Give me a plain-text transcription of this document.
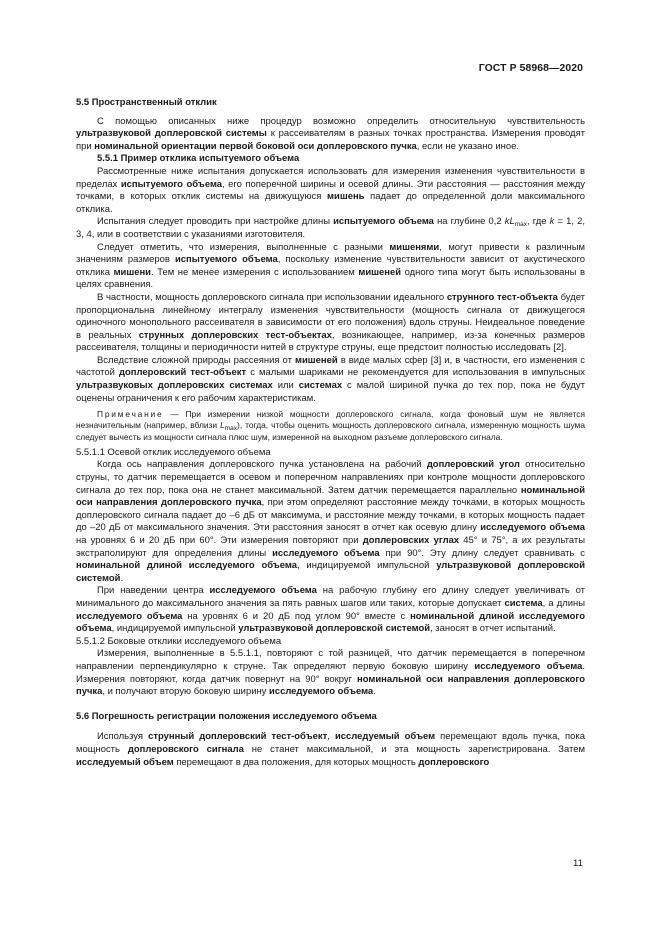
ГОСТ Р 58968—2020

5.5 Пространственный отклик

С помощью описанных ниже процедур возможно определить относительную чувствительность ультразвуковой доплеровской системы к рассеивателям в разных точках пространства. Измерения проводят при номинальной ориентации первой боковой оси доплеровского пучка, если не указано иное.

5.5.1 Пример отклика испытуемого объема

Рассмотренные ниже испытания допускается использовать для измерения изменения чувствительности в пределах испытуемого объема, его поперечной ширины и осевой длины. Эти расстояния — расстояния между точками, в которых отклик системы на движущуюся мишень падает до определенной доли максимального отклика.

Испытания следует проводить при настройке длины испытуемого объема на глубине 0,2 $kL_{max}$, где k = 1, 2, 3, 4, или в соответствии с указаниями изготовителя.

Следует отметить, что измерения, выполненные с разными мишенями, могут привести к различным значениям размеров испытуемого объема, поскольку изменение чувствительности зависит от акустического отклика мишени. Тем не менее измерения с использованием мишеней одного типа могут быть использованы в целях сравнения.

В частности, мощность доплеровского сигнала при использовании идеального струнного тест-объекта будет пропорциональна линейному интегралу изменения чувствительности (мощность сигнала от движущегося одиночного монопольного рассеивателя в зависимости от его положения) вдоль струны. Неидеальное поведение в реальных струнных доплеровских тест-объектах, возникающее, например, из-за конечных размеров рассеивателя, толщины и периодичности нитей в структуре струны, еще предстоит полностью исследовать [2].

Вследствие сложной природы рассеяния от мишеней в виде малых сфер [3] и, в частности, его изменения с частотой доплеровский тест-объект с малыми шариками не рекомендуется для использования в импульсных ультразвуковых доплеровских системах или системах с малой шириной пучка до тех пор, пока не будут оценены ограничения к его рабочим характеристикам.

Примечание — При измерении низкой мощности доплеровского сигнала, когда фоновый шум не является незначительным (например, вблизи $L_{max}$), тогда, чтобы оценить мощность доплеровского сигнала, измеренную мощность шума следует вычесть из мощности сигнала плюс шум, измеренной на выходном разъеме доплеровского сигнала.

5.5.1.1 Осевой отклик исследуемого объема

Когда ось направления доплеровского пучка установлена на рабочий доплеровский угол относительно струны, то датчик перемещается в осевом и поперечном направлениях при контроле мощности доплеровского сигнала до тех пор, пока она не станет максимальной. Затем датчик перемещается параллельно номинальной оси направления доплеровского пучка, при этом определяют расстояние между точками, в которых мощность доплеровского сигнала падает до –6 дБ от максимума, и расстояние между точками, в которых мощность падает до –20 дБ от максимального значения. Эти расстояния заносят в отчет как осевую длину исследуемого объема на уровнях 6 и 20 дБ при 60°. Эти измерения повторяют при доплеровских углах 45° и 75°, а их результаты экстраполируют для определения длины исследуемого объема при 90°. Эту длину следует сравнивать с номинальной длиной исследуемого объема, индицируемой импульсной ультразвуковой доплеровской системой.

При наведении центра исследуемого объема на рабочую глубину его длину следует увеличивать от минимального до максимального значения за пять равных шагов или таких, которые допускает система, а длины исследуемого объема на уровнях 6 и 20 дБ под углом 90° вместе с номинальной длиной исследуемого объема, индицируемой импульсной ультразвуковой доплеровской системой, заносят в отчет испытаний.

5.5.1.2 Боковые отклики исследуемого объема

Измерения, выполненные в 5.5.1.1, повторяют с той разницей, что датчик перемещается в поперечном направлении перпендикулярно к струне. Так определяют первую боковую ширину исследуемого объема. Измерения повторяют, когда датчик повернут на 90° вокруг номинальной оси направления доплеровского пучка, и получают вторую боковую ширину исследуемого объема.

5.6 Погрешность регистрации положения исследуемого объема

Используя струнный доплеровский тест-объект, исследуемый объем перемещают вдоль пучка, пока мощность доплеровского сигнала не станет максимальной, и эта мощность зарегистрирована. Затем исследуемый объем перемещают в два положения, для которых мощность доплеровского

11
